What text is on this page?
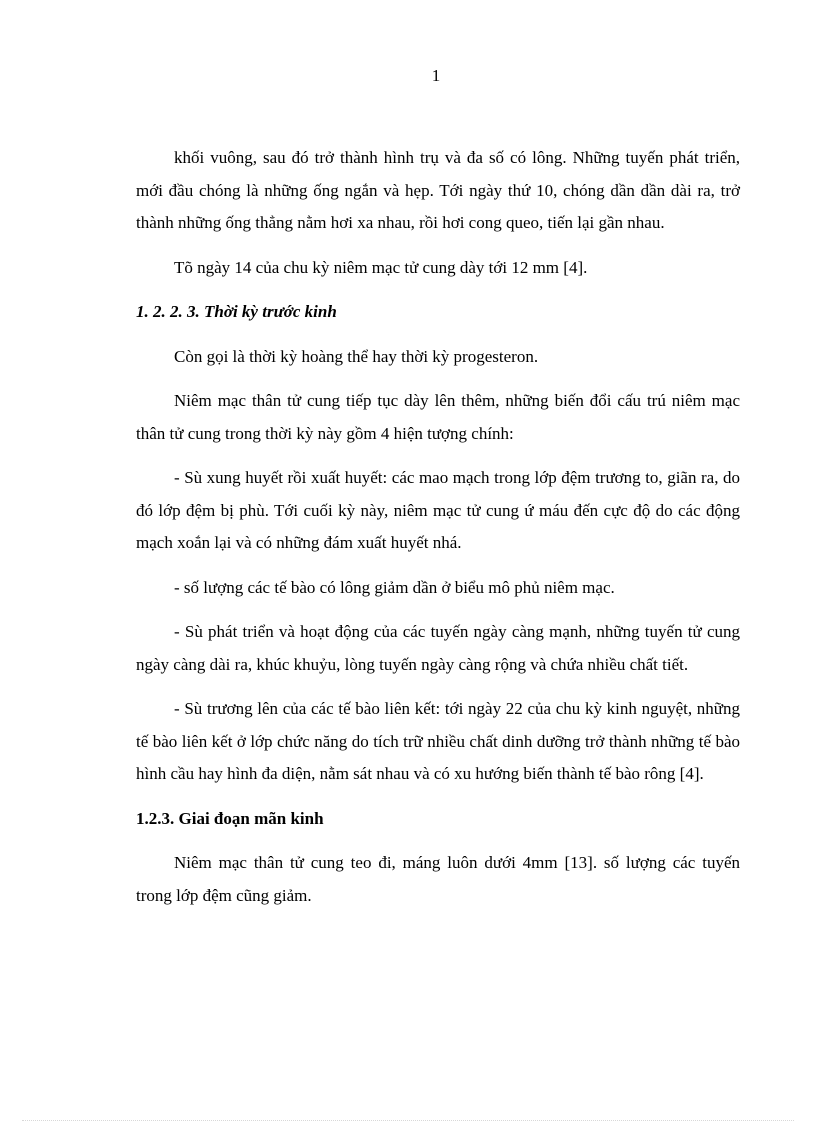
1

khối vuông, sau đó trở thành hình trụ và đa số có lông. Những tuyến phát triển, mới đầu chóng là những ống ngắn và hẹp. Tới ngày thứ 10, chóng dần dần dài ra, trở thành những ống thẳng nằm hơi xa nhau, rồi hơi cong queo, tiến lại gần nhau.

Tõ ngày 14 của chu kỳ niêm mạc tử cung dày tới 12 mm [4].

1. 2. 2. 3. Thời kỳ trước kinh

Còn gọi là thời kỳ hoàng thể hay thời kỳ progesteron.

Niêm mạc thân tử cung tiếp tục dày lên thêm, những biến đổi cấu trú niêm mạc thân tử cung trong thời kỳ này gồm 4 hiện tượng chính:

- Sù xung huyết rồi xuất huyết: các mao mạch trong lớp đệm trương to, giãn ra, do đó lớp đệm bị phù. Tới cuối kỳ này, niêm mạc tử cung ứ máu đến cực độ do các động mạch xoắn lại và có những đám xuất huyết nhá.

- số lượng các tế bào có lông giảm dần ở biểu mô phủ niêm mạc.

- Sù phát triển và hoạt động của các tuyến ngày càng mạnh, những tuyến tử cung ngày càng dài ra, khúc khuỷu, lòng tuyến ngày càng rộng và chứa nhiều chất tiết.

- Sù trương lên của các tế bào liên kết: tới ngày 22 của chu kỳ kinh nguyệt, những tế bào liên kết ở lớp chức năng do tích trữ nhiều chất dinh dưỡng trở thành những tế bào hình cầu hay hình đa diện, nằm sát nhau và có xu hướng biến thành tế bào rông [4].

1.2.3. Giai đoạn mãn kinh

Niêm mạc thân tử cung teo đi, máng luôn dưới 4mm [13]. số lượng các tuyến trong lớp đệm cũng giảm.
